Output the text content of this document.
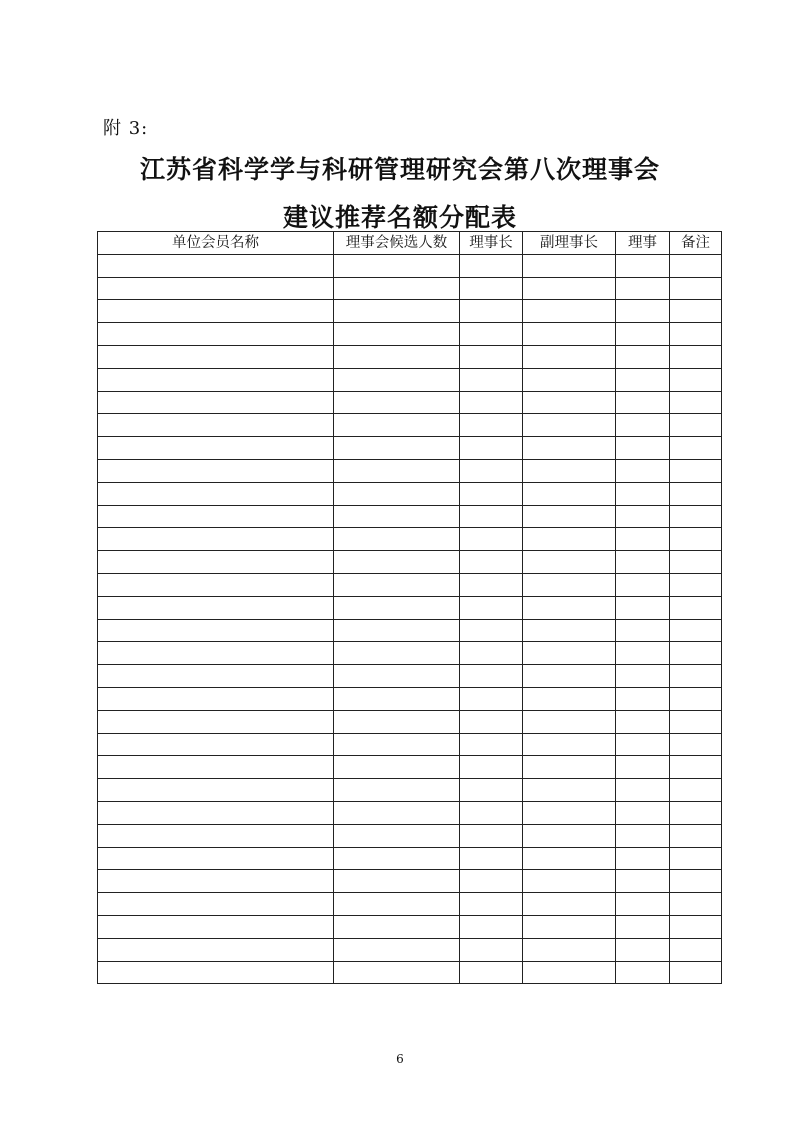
附 3:
江苏省科学学与科研管理研究会第八次理事会
建议推荐名额分配表
单位会员名称	理事会候选人数	理事长	副理事长	理事	备注

6
